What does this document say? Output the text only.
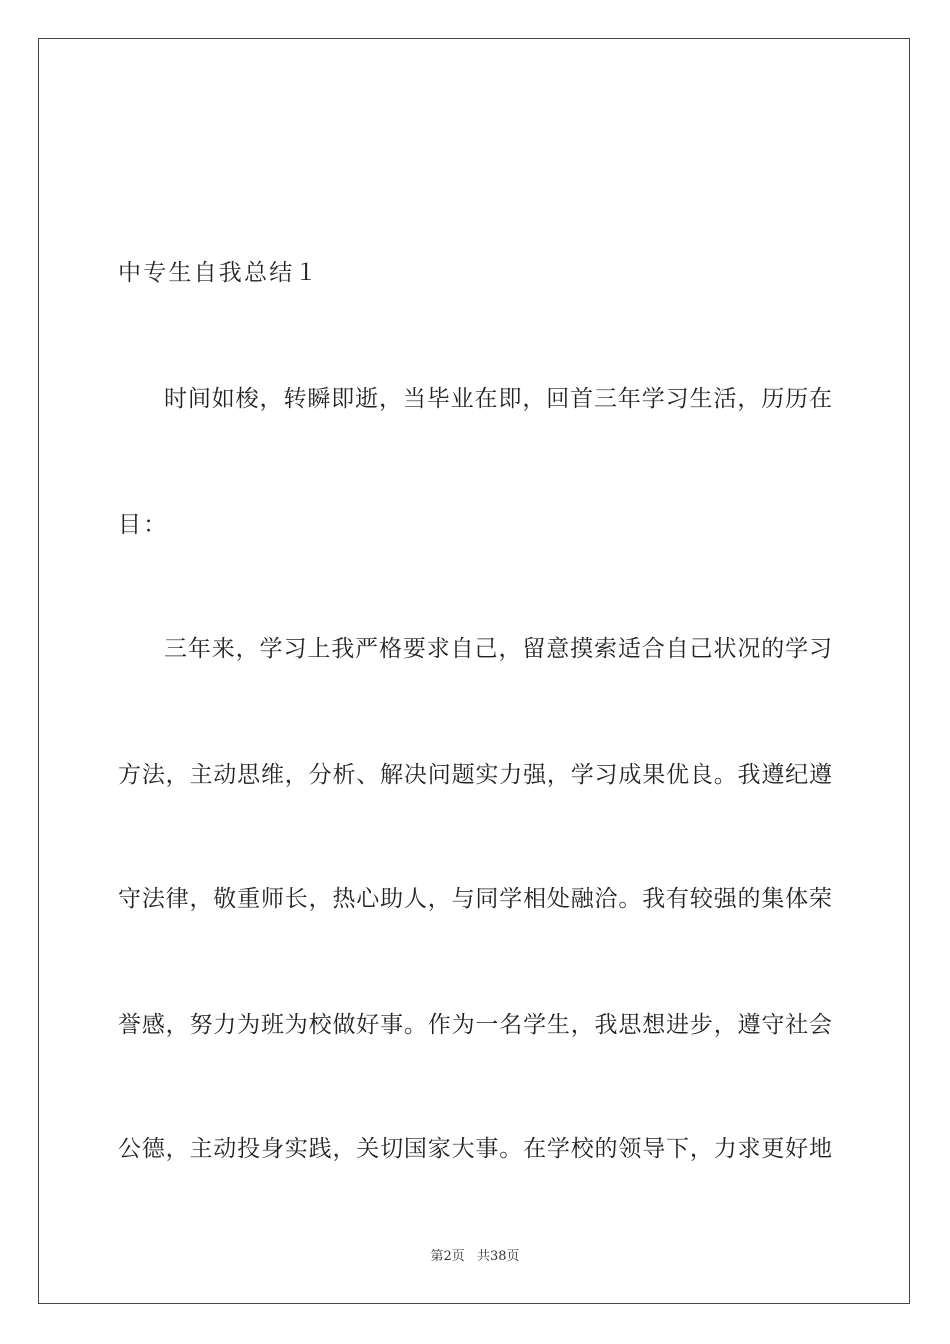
中专生自我总结１
时间如梭，转瞬即逝，当毕业在即，回首三年学习生活，历历在
目：
三年来，学习上我严格要求自己，留意摸索适合自己状况的学习
方法，主动思维，分析、解决问题实力强，学习成果优良。我遵纪遵
守法律，敬重师长，热心助人，与同学相处融洽。我有较强的集体荣
誉感，努力为班为校做好事。作为一名学生，我思想进步，遵守社会
公德，主动投身实践，关切国家大事。在学校的领导下，力求更好地
第2页 共38页
